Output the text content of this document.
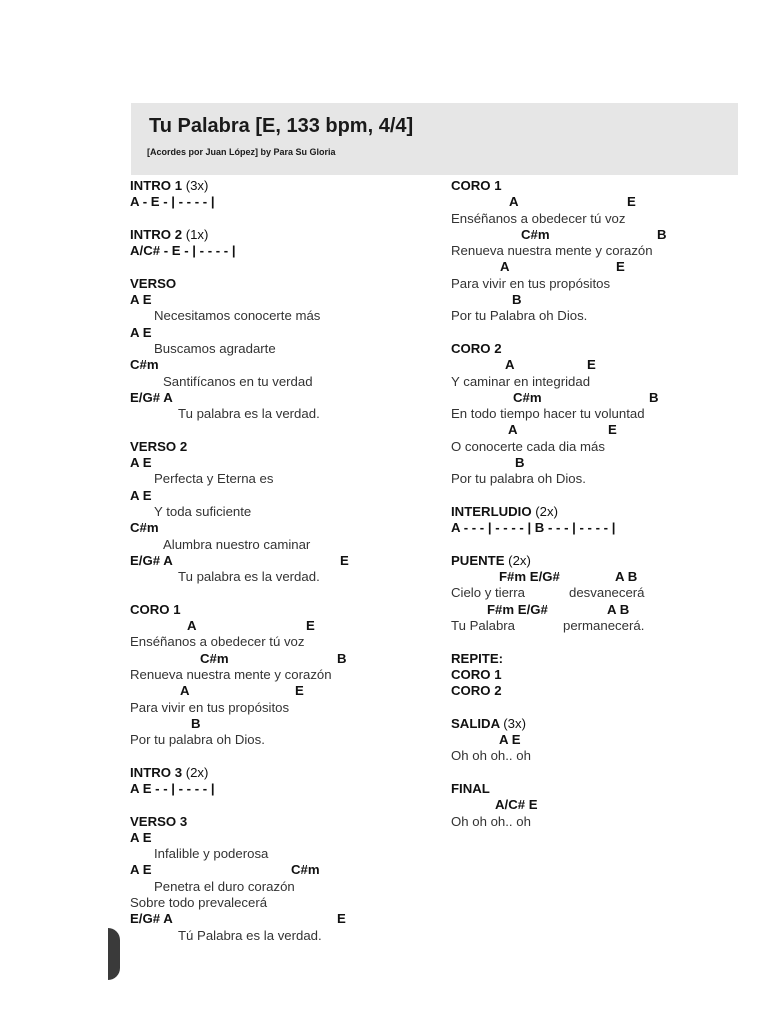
Tu Palabra [E, 133 bpm, 4/4]
[Acordes por Juan López] by Para Su Gloria
INTRO 1 (3x)
A - E - | - - - - |
INTRO 2 (1x)
A/C# - E - | - - - - |
VERSO
A E
Necesitamos conocerte más
A E
Buscamos agradarte
C#m
Santifícanos en tu verdad
E/G# A
Tu palabra es la verdad.
VERSO 2
A E
Perfecta y Eterna es
A E
Y toda suficiente
C#m
Alumbra nuestro caminar
E/G# A	E
Tu palabra es la verdad.
CORO 1
A	E
Enséñanos a obedecer tú voz
C#m	B
Renueva nuestra mente y corazón
A	E
Para vivir en tus propósitos
B
Por tu palabra oh Dios.
INTRO 3 (2x)
A E - - | - - - - |
VERSO 3
A E
Infalible y poderosa
A E	C#m
Penetra el duro corazón
Sobre todo prevalecerá
E/G# A	E
Tú Palabra es la verdad.
CORO 1
A	E
Enséñanos a obedecer tú voz
C#m	B
Renueva nuestra mente y corazón
A	E
Para vivir en tus propósitos
B
Por tu Palabra oh Dios.
CORO 2
A	E
Y caminar en integridad
C#m	B
En todo tiempo hacer tu voluntad
A	E
O conocerte cada dia más
B
Por tu palabra oh Dios.
INTERLUDIO (2x)
A - - - | - - - - | B - - - | - - - - |
PUENTE (2x)
F#m E/G#	A B
Cielo y tierra	desvanecerá
F#m E/G#	A B
Tu Palabra	permanecerá.
REPITE:
CORO 1
CORO 2
SALIDA (3x)
A E
Oh oh oh.. oh
FINAL
A/C# E
Oh oh oh.. oh
